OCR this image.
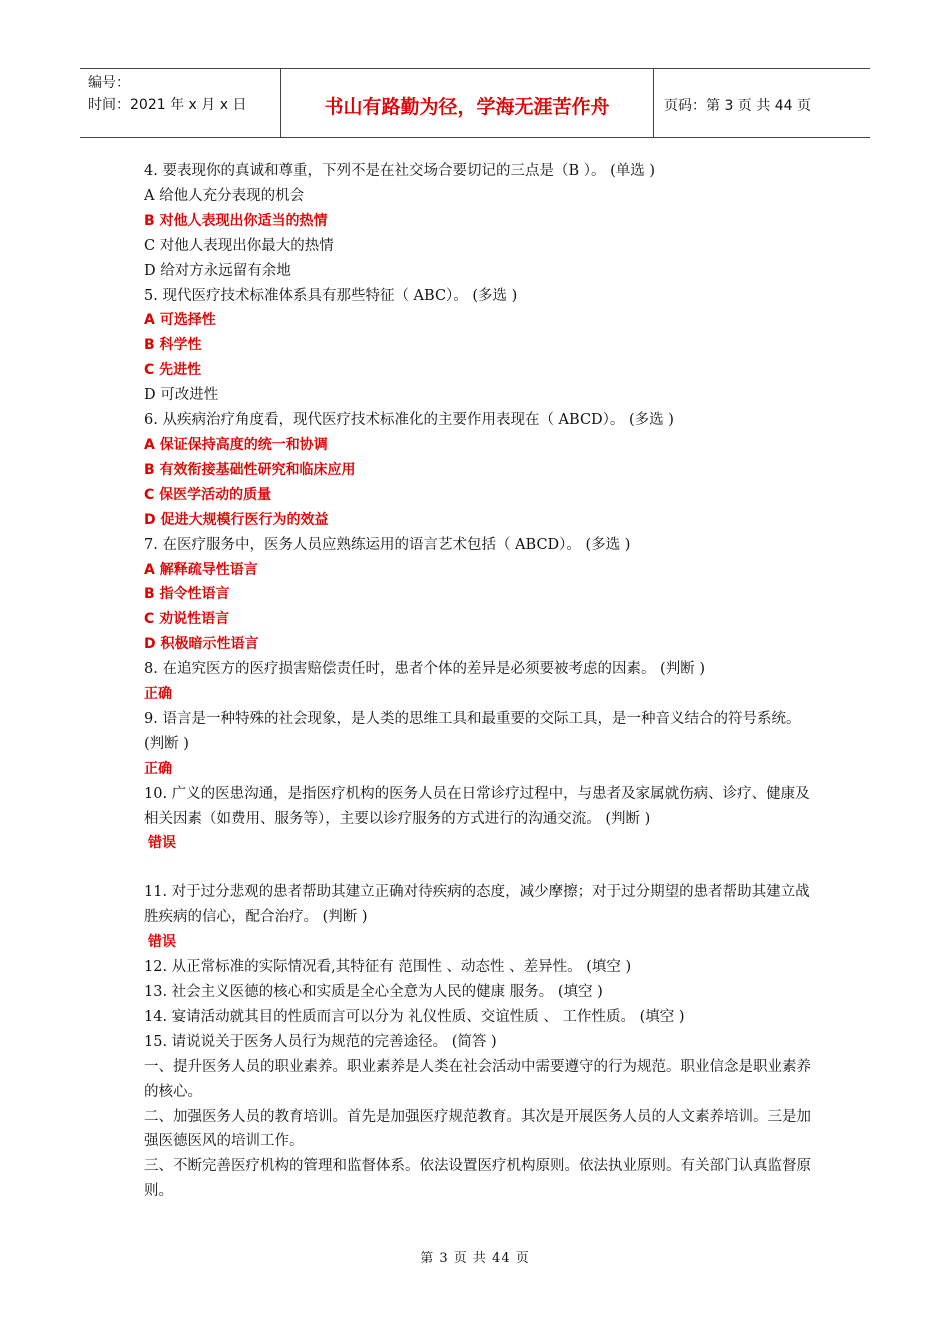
编号：
时间：2021 年 x 月 x 日	书山有路勤为径，学海无涯苦作舟	页码：第 3 页 共 44 页
4. 要表现你的真诚和尊重，下列不是在社交场合要切记的三点是（B ）。 (单选 )
A 给他人充分表现的机会
B 对他人表现出你适当的热情
C 对他人表现出你最大的热情
D 给对方永远留有余地
5. 现代医疗技术标准体系具有那些特征（ ABC）。 (多选 )
A 可选择性
B 科学性
C 先进性
D 可改进性
6. 从疾病治疗角度看，现代医疗技术标准化的主要作用表现在（ ABCD）。 (多选 )
A 保证保持高度的统一和协调
B 有效衔接基础性研究和临床应用
C 保医学活动的质量
D 促进大规模行医行为的效益
7. 在医疗服务中，医务人员应熟练运用的语言艺术包括（ ABCD）。 (多选 )
A 解释疏导性语言
B 指令性语言
C 劝说性语言
D 积极暗示性语言
8. 在追究医方的医疗损害赔偿责任时，患者个体的差异是必须要被考虑的因素。 (判断 )
正确
9. 语言是一种特殊的社会现象，是人类的思维工具和最重要的交际工具，是一种音义结合的符号系统。 (判断 )
正确
10. 广义的医患沟通，是指医疗机构的医务人员在日常诊疗过程中，与患者及家属就伤病、诊疗、健康及相关因素（如费用、服务等），主要以诊疗服务的方式进行的沟通交流。 (判断 )
错误
11. 对于过分悲观的患者帮助其建立正确对待疾病的态度，减少摩擦；对于过分期望的患者帮助其建立战胜疾病的信心，配合治疗。 (判断 )
错误
12. 从正常标准的实际情况看,其特征有 范围性 、动态性 、差异性。 (填空 )
13. 社会主义医德的核心和实质是全心全意为人民的健康 服务。 (填空 )
14. 宴请活动就其目的性质而言可以分为 礼仪性质、交谊性质 、 工作性质。 (填空 )
15. 请说说关于医务人员行为规范的完善途径。 (简答 )
一、提升医务人员的职业素养。职业素养是人类在社会活动中需要遵守的行为规范。职业信念是职业素养的核心。
二、加强医务人员的教育培训。首先是加强医疗规范教育。其次是开展医务人员的人文素养培训。三是加强医德医风的培训工作。
三、不断完善医疗机构的管理和监督体系。依法设置医疗机构原则。依法执业原则。有关部门认真监督原则。
第 3 页 共 44 页
